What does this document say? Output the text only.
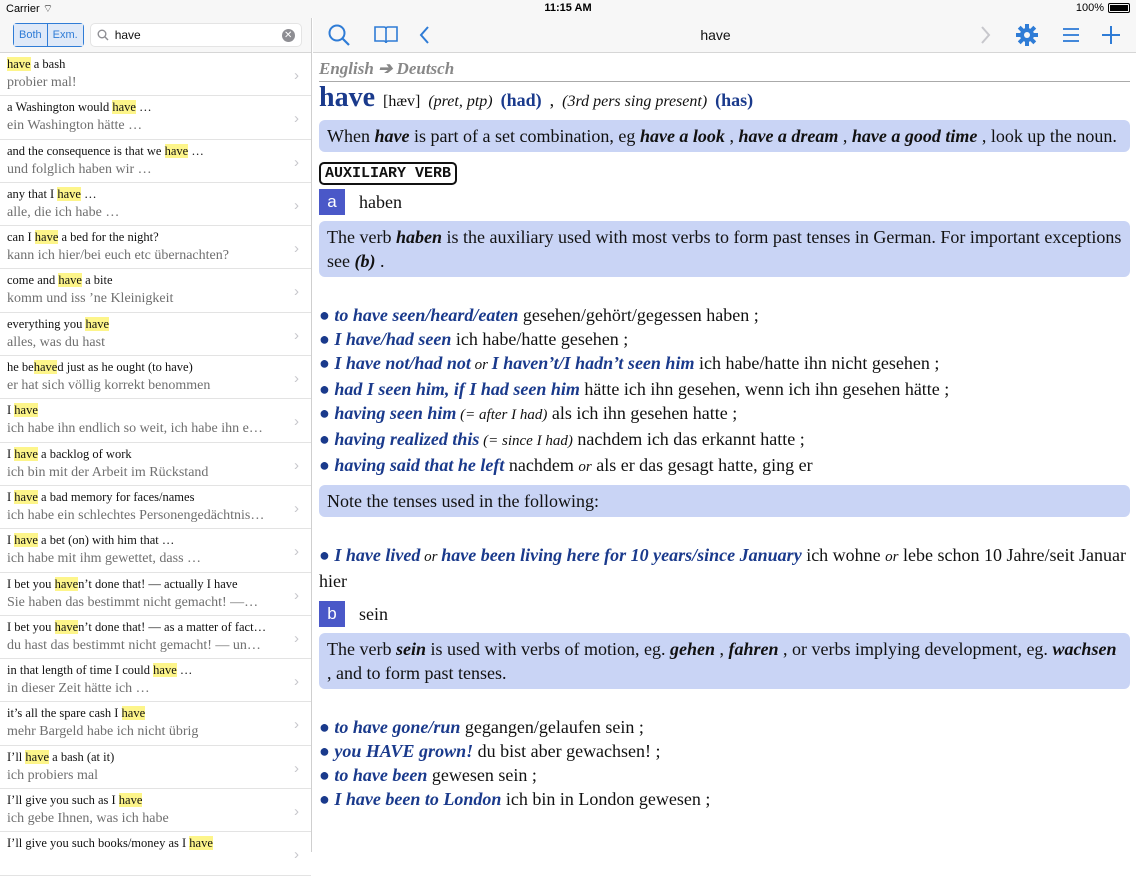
Carrier ⌔	11:15 AM	100%
Both	Exm.	have	✕
have a bash
probier mal!	›
a Washington would have …
ein Washington hätte …	›
and the consequence is that we have …
und folglich haben wir …	›
any that I have …
alle, die ich habe …	›
can I have a bed for the night?
kann ich hier/bei euch etc übernachten?	›
come and have a bite
komm und iss ’ne Kleinigkeit	›
everything you have
alles, was du hast	›
he behaved just as he ought (to have)
er hat sich völlig korrekt benommen	›
I have
ich habe ihn endlich so weit, ich habe ihn e…	›
I have a backlog of work
ich bin mit der Arbeit im Rückstand	›
I have a bad memory for faces/names
ich habe ein schlechtes Personengedächtnis…	›
I have a bet (on) with him that …
ich habe mit ihm gewettet, dass …	›
I bet you haven’t done that! — actually I have
Sie haben das bestimmt nicht gemacht! —…	›
I bet you haven’t done that! — as a matter of fact…
du hast das bestimmt nicht gemacht! — un…	›
in that length of time I could have …
in dieser Zeit hätte ich …	›
it’s all the spare cash I have
mehr Bargeld habe ich nicht übrig	›
I’ll have a bash (at it)
ich probiers mal	›
I’ll give you such as I have
ich gebe Ihnen, was ich habe	›
I’ll give you such books/money as I have
›
have
English ➔ Deutsch
have [hæv] (pret, ptp) (had) , (3rd pers sing present) (has)
When have is part of a set combination, eg have a look , have a dream , have a good time , look up the noun.
AUXILIARY VERB
a	haben
The verb haben is the auxiliary used with most verbs to form past tenses in German. For important exceptions see (b) .
● to have seen/heard/eaten gesehen/gehört/gegessen haben ;
● I have/had seen ich habe/hatte gesehen ;
● I have not/had not or I haven’t/I hadn’t seen him ich habe/hatte ihn nicht gesehen ;
● had I seen him, if I had seen him hätte ich ihn gesehen, wenn ich ihn gesehen hätte ;
● having seen him (= after I had) als ich ihn gesehen hatte ;
● having realized this (= since I had) nachdem ich das erkannt hatte ;
● having said that he left nachdem or als er das gesagt hatte, ging er
Note the tenses used in the following:
● I have lived or have been living here for 10 years/since January ich wohne or lebe schon 10 Jahre/seit Januar hier
b	sein
The verb sein is used with verbs of motion, eg. gehen , fahren , or verbs implying development, eg. wachsen , and to form past tenses.
● to have gone/run gegangen/gelaufen sein ;
● you HAVE grown! du bist aber gewachsen! ;
● to have been gewesen sein ;
● I have been to London ich bin in London gewesen ;
